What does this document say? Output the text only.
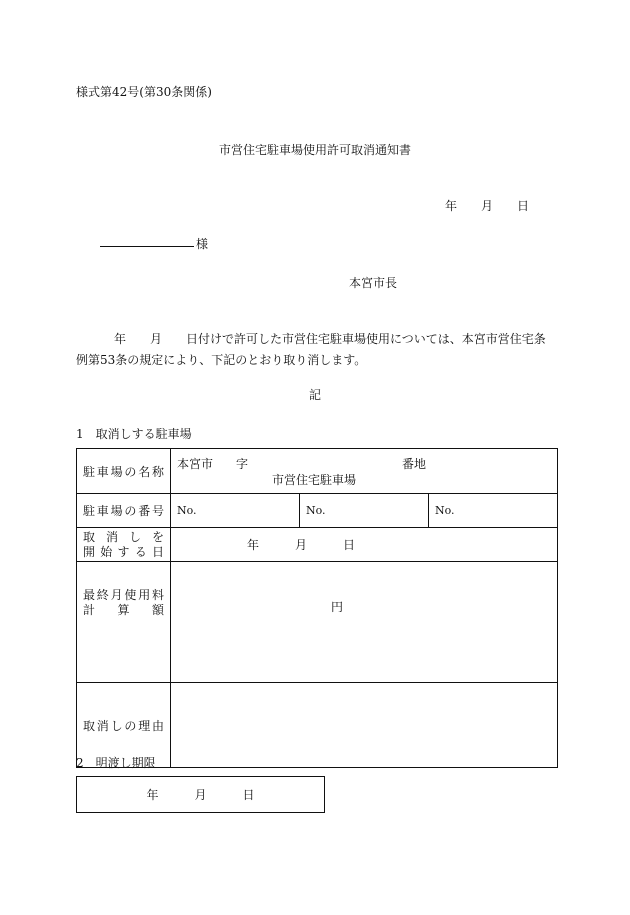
様式第42号(第30条関係)
市営住宅駐車場使用許可取消通知書
年 月 日
様
本宮市長
年 月 日付けで許可した市営住宅駐車場使用については、本宮市営住宅条例第53条の規定により、下記のとおり取り消します。
記
1　取消しする駐車場
駐車場の名称	本宮市 字 番地
市営住宅駐車場		

駐車場の番号	No.	No.	No.

取消しを
開始する日	年 月 日		

最終月使用料
計算額	円		
取消しの理由			
2　明渡し期限
年	月	日
